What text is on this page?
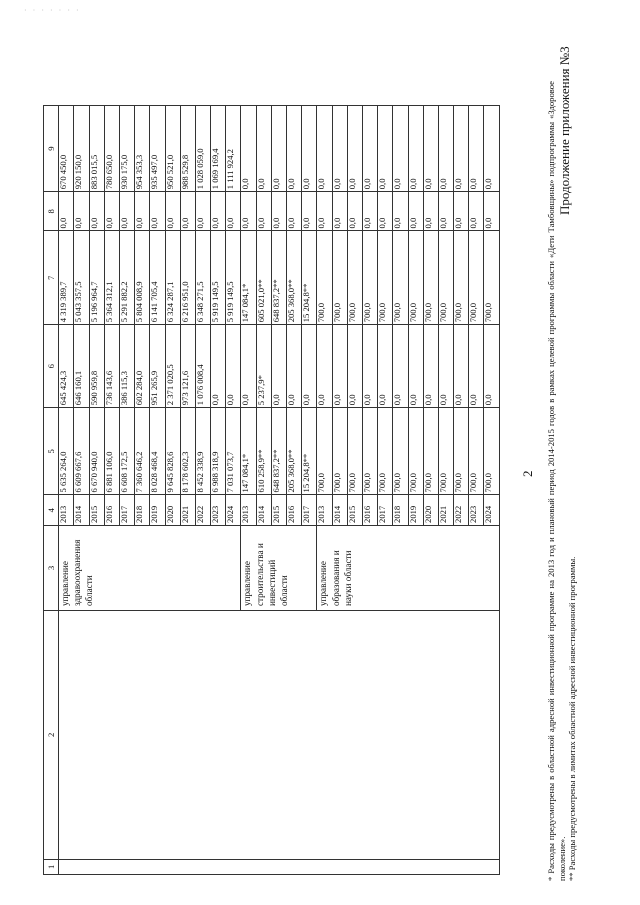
· · · · · · ·
2
Продолжение приложения №3
1	2	3	4	5	6	7	8	9

		управление здравоохранения области	2013	5 635 264,0	645 424,3	4 319 389,7	0,0	670 450,0
			2014	6 609 667,6	646 160,1	5 043 357,5	0,0	920 150,0
			2015	6 670 940,0	590 959,8	5 196 964,7	0,0	883 015,5
			2016	6 881 106,0	736 143,6	5 364 312,1	0,0	780 650,0
			2017	6 608 172,5	386 115,3	5 291 882,2	0,0	930 175,0
			2018	7 360 646,2	602 284,0	5 804 008,9	0,0	954 353,3
			2019	8 028 468,4	951 265,9	6 141 705,4	0,0	935 497,0
			2020	9 645 828,6	2 371 020,5	6 324 287,1	0,0	950 521,0
			2021	8 178 602,3	973 121,6	6 216 951,0	0,0	988 529,8
			2022	8 452 338,9	1 076 008,4	6 348 271,5	0,0	1 028 059,0
			2023	6 988 318,9	0,0	5 919 149,5	0,0	1 069 169,4
			2024	7 031 073,7	0,0	5 919 149,5	0,0	1 111 924,2

		управление строительства и инвестиций области	2013	147 084,1*	0,0	147 084,1*	0,0	0,0
			2014	610 258,9**	5 237,9*	605 021,0**	0,0	0,0
			2015	648 837,2**	0,0	648 837,2**	0,0	0,0
			2016	205 368,0**	0,0	205 368,0**	0,0	0,0
			2017	15 204,8**	0,0	15 204,8**	0,0	0,0

		управление образования и науки области	2013	700,0	0,0	700,0	0,0	0,0
			2014	700,0	0,0	700,0	0,0	0,0
			2015	700,0	0,0	700,0	0,0	0,0
			2016	700,0	0,0	700,0	0,0	0,0
			2017	700,0	0,0	700,0	0,0	0,0
			2018	700,0	0,0	700,0	0,0	0,0
			2019	700,0	0,0	700,0	0,0	0,0
			2020	700,0	0,0	700,0	0,0	0,0
			2021	700,0	0,0	700,0	0,0	0,0
			2022	700,0	0,0	700,0	0,0	0,0
			2023	700,0	0,0	700,0	0,0	0,0
			2024	700,0	0,0	700,0	0,0	0,0	* Расходы предусмотрены в областной адресной инвестиционной программе на 2013 год и плановый период 2014-2015 годов в рамках целевой программы области «Дети Тамбовщины» подпрограммы «Здоровое поколение». ** Расходы предусмотрены в лимитах областной адресной инвестиционной программы.
